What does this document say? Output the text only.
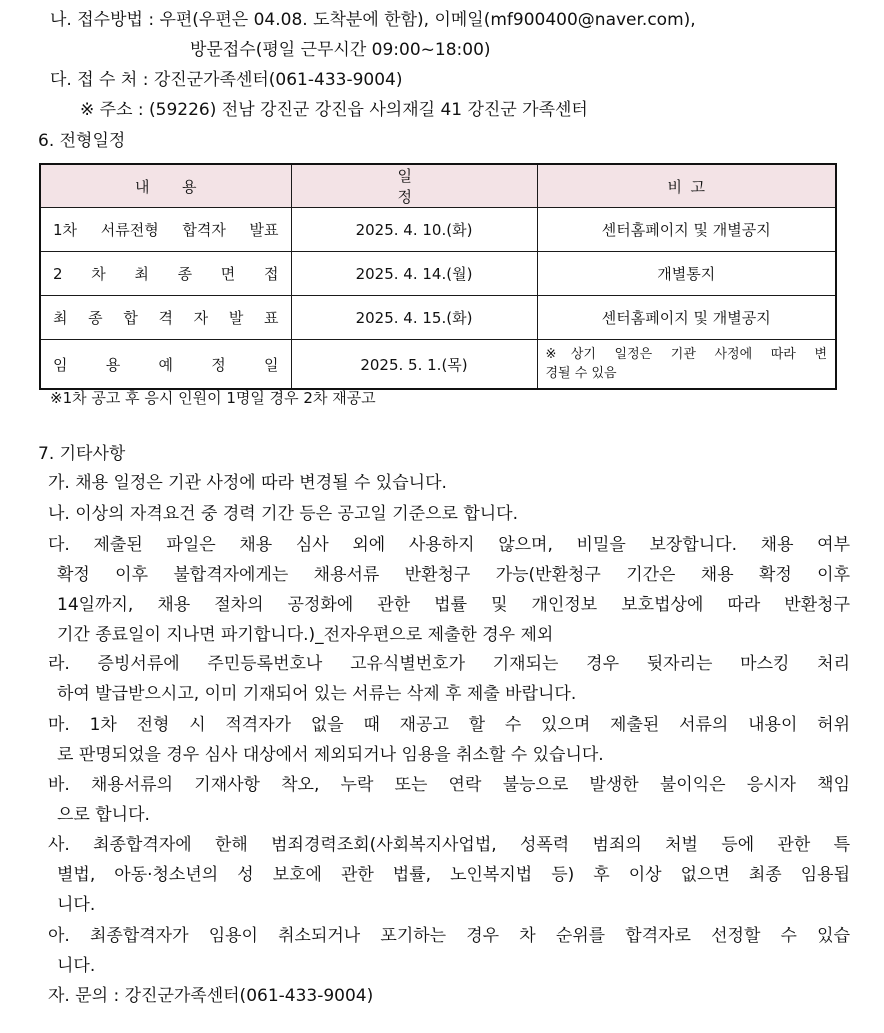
나. 접수방법 : 우편(우편은 04.08. 도착분에 한함), 이메일(mf900400@naver.com),
방문접수(평일 근무시간 09:00~18:00)
다. 접 수 처 : 강진군가족센터(061-433-9004)
※ 주소 : (59226) 전남 강진군 강진읍 사의재길 41 강진군 가족센터
6. 전형일정
내 용	일 정	비 고

1차 서류전형 합격자 발표	2025. 4. 10.(화)	센터홈페이지 및 개별공지

2 차 최 종 면 접	2025. 4. 14.(월)	개별통지

최 종 합 격 자 발 표	2025. 4. 15.(화)	센터홈페이지 및 개별공지

임 용 예 정 일	2025. 5. 1.(목)	※상기 일정은 기관 사정에 따라 변
경될 수 있음
※1차 공고 후 응시 인원이 1명일 경우 2차 재공고
7. 기타사항
가. 채용 일정은 기관 사정에 따라 변경될 수 있습니다.
나. 이상의 자격요건 중 경력 기간 등은 공고일 기준으로 합니다.
다. 제출된 파일은 채용 심사 외에 사용하지 않으며, 비밀을 보장합니다. 채용 여부
확정 이후 불합격자에게는 채용서류 반환청구 가능(반환청구 기간은 채용 확정 이후
14일까지, 채용 절차의 공정화에 관한 법률 및 개인정보 보호법상에 따라 반환청구
기간 종료일이 지나면 파기합니다.)_전자우편으로 제출한 경우 제외
라. 증빙서류에 주민등록번호나 고유식별번호가 기재되는 경우 뒷자리는 마스킹 처리
하여 발급받으시고, 이미 기재되어 있는 서류는 삭제 후 제출 바랍니다.
마. 1차 전형 시 적격자가 없을 때 재공고 할 수 있으며 제출된 서류의 내용이 허위
로 판명되었을 경우 심사 대상에서 제외되거나 임용을 취소할 수 있습니다.
바. 채용서류의 기재사항 착오, 누락 또는 연락 불능으로 발생한 불이익은 응시자 책임
으로 합니다.
사. 최종합격자에 한해 범죄경력조회(사회복지사업법, 성폭력 범죄의 처벌 등에 관한 특
별법, 아동·청소년의 성 보호에 관한 법률, 노인복지법 등) 후 이상 없으면 최종 임용됩
니다.
아. 최종합격자가 임용이 취소되거나 포기하는 경우 차 순위를 합격자로 선정할 수 있습
니다.
자. 문의 : 강진군가족센터(061-433-9004)
